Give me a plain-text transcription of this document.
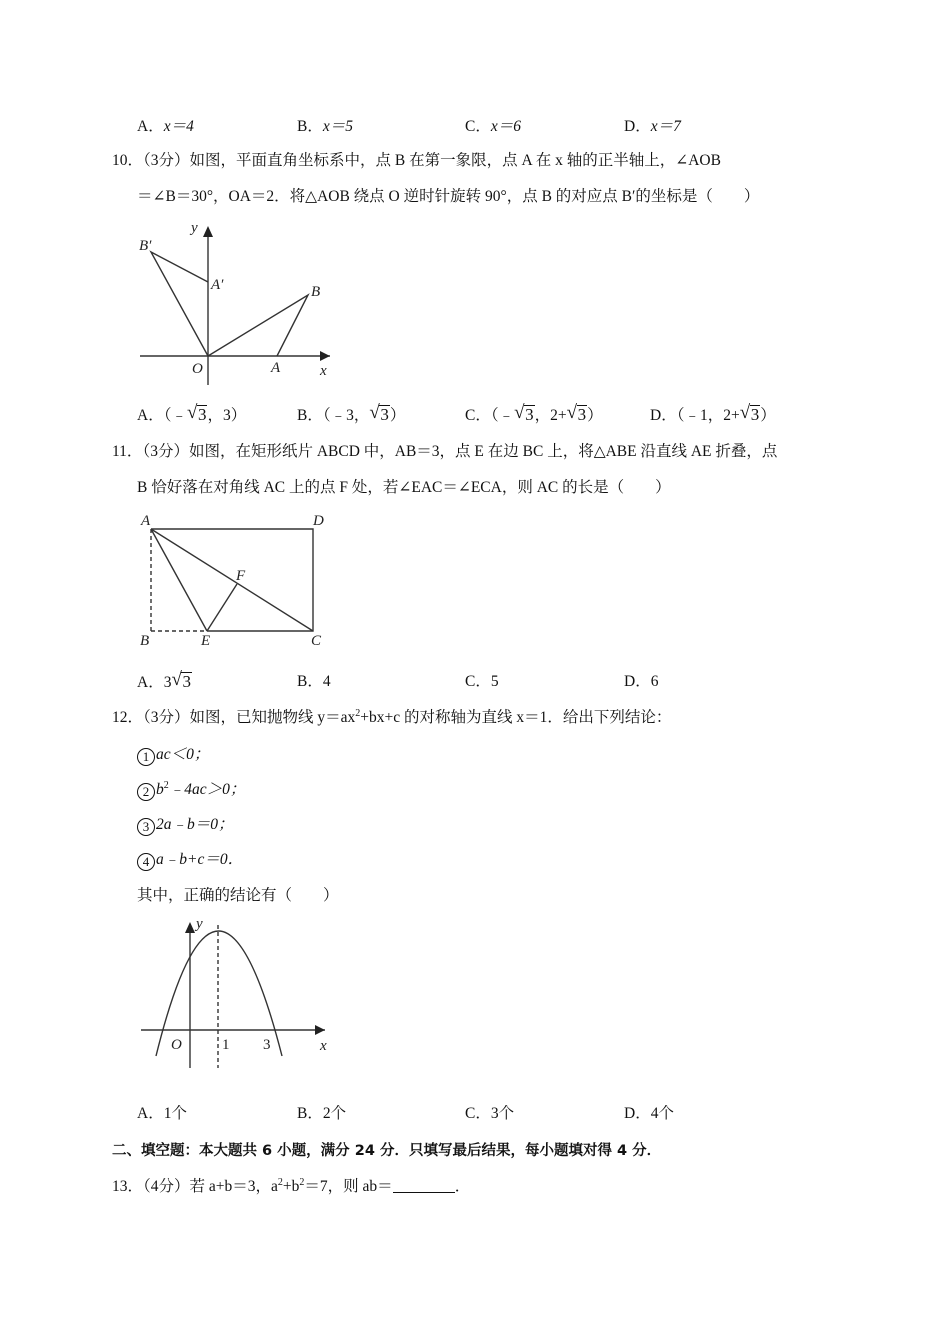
A．x＝4	B．x＝5	C．x＝6	D．x＝7
10．（3分）如图，平面直角坐标系中，点 B 在第一象限，点 A 在 x 轴的正半轴上，∠AOB
＝∠B＝30°，OA＝2．将△AOB 绕点 O 逆时针旋转 90°，点 B 的对应点 B′的坐标是（　　）
y
B′
A′	B
O	A	x
A．（﹣ √ 3，3）	B．（﹣3， √ 3）	C．（﹣ √ 3，2+ √ 3）	D．（﹣1，2+ √ 3）
11．（3分）如图，在矩形纸片 ABCD 中，AB＝3，点 E 在边 BC 上，将△ABE 沿直线 AE 折叠，点
B 恰好落在对角线 AC 上的点 F 处，若∠EAC＝∠ECA，则 AC 的长是（　　）
A	D
F
B	E	C
A．3 √ 3	B．4	C．5	D．6
12．（3分）如图，已知抛物线 $y=ax^2+bx+c$ 的对称轴为直线 x＝1．给出下列结论：
1 ac＜0；
2 $b^2﹣4ac>0$；
3 2a﹣b＝0；
4 a﹣b+c＝0．
其中，正确的结论有（　　）
y
O	1 3	x
A．1个	B．2个	C．3个	D．4个
二、填空题：本大题共 6 小题，满分 24 分．只填写最后结果，每小题填对得 4 分．
13．（4分）若 a+b＝3，$a^2+b^2=7$，则 ab＝	．
